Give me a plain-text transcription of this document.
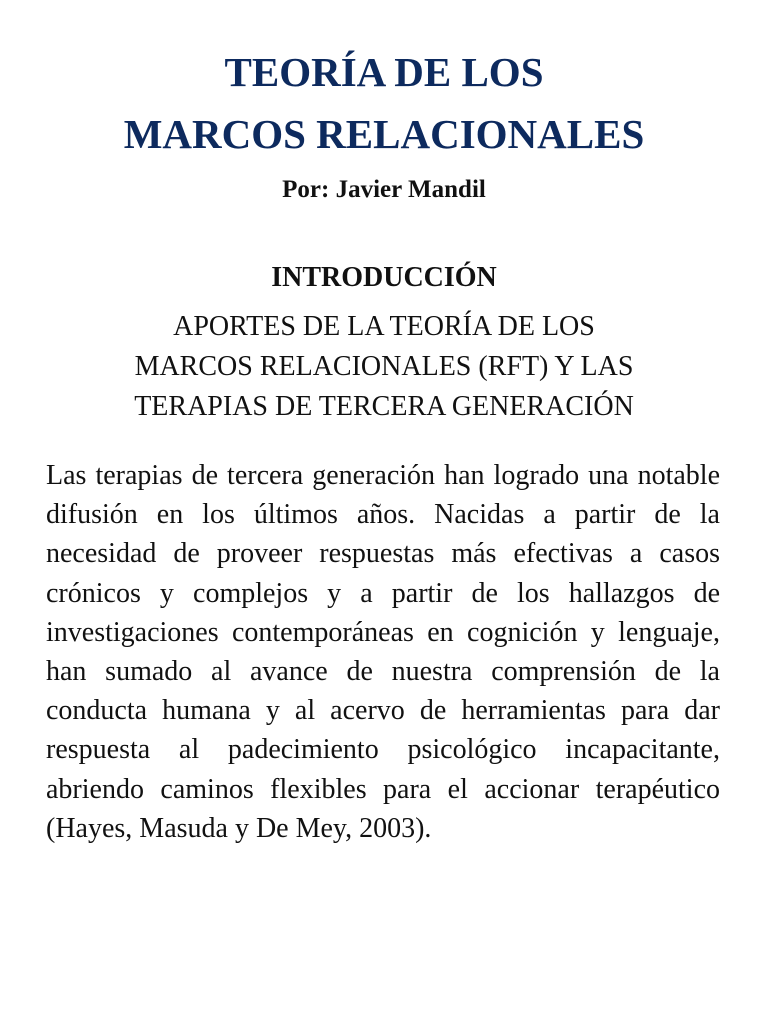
TEORÍA DE LOS
MARCOS RELACIONALES
Por: Javier Mandil
INTRODUCCIÓN
APORTES DE LA TEORÍA DE LOS
MARCOS RELACIONALES (RFT) Y LAS
TERAPIAS DE TERCERA GENERACIÓN

Las terapias de tercera generación han logrado una notable difusión en los últimos años. Nacidas a partir de la necesidad de proveer respuestas más efectivas a casos crónicos y complejos y a partir de los hallazgos de investigaciones contemporáneas en cognición y lenguaje, han sumado al avance de nuestra comprensión de la conducta humana y al acervo de herramientas para dar respuesta al padecimiento psicológico incapacitante, abriendo caminos flexibles para el accionar terapéutico (Hayes, Masuda y De Mey, 2003).
